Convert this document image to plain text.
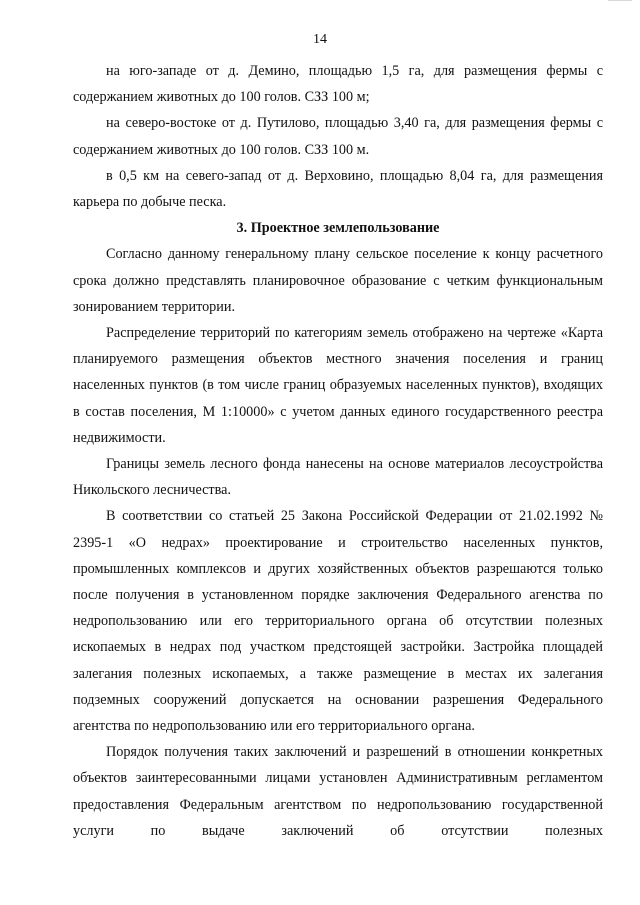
14

на юго-западе от д. Демино, площадью 1,5 га, для размещения фермы с содержанием животных до 100 голов. СЗЗ 100 м;

на северо-востоке от д. Путилово, площадью 3,40 га, для размещения фермы с содержанием животных до 100 голов. СЗЗ 100 м.

в 0,5 км на севего-запад от д. Верховино, площадью 8,04 га, для размещения карьера по добыче песка.

3. Проектное землепользование

Согласно данному генеральному плану сельское поселение к концу расчетного срока должно представлять планировочное образование с четким функциональным зонированием территории.

Распределение территорий по категориям земель отображено на чертеже «Карта планируемого размещения объектов местного значения поселения и границ населенных пунктов (в том числе границ образуемых населенных пунктов), входящих в состав поселения, М 1:10000» с учетом данных единого государственного реестра недвижимости.

Границы земель лесного фонда нанесены на основе материалов лесоустройства Никольского лесничества.

В соответствии со статьей 25 Закона Российской Федерации от 21.02.1992 № 2395-1 «О недрах» проектирование и строительство населенных пунктов, промышленных комплексов и других хозяйственных объектов разрешаются только после получения в установленном порядке заключения Федерального агенства по недропользованию или его территориального органа об отсутствии полезных ископаемых в недрах под участком предстоящей застройки. Застройка площадей залегания полезных ископаемых, а также размещение в местах их залегания подземных сооружений допускается на основании разрешения Федерального агентства по недропользованию или его территориального органа.

Порядок получения таких заключений и разрешений в отношении конкретных объектов заинтересованными лицами установлен Административным регламентом предоставления Федеральным агентством по недропользованию государственной услуги по выдаче заключений об отсутствии полезных
